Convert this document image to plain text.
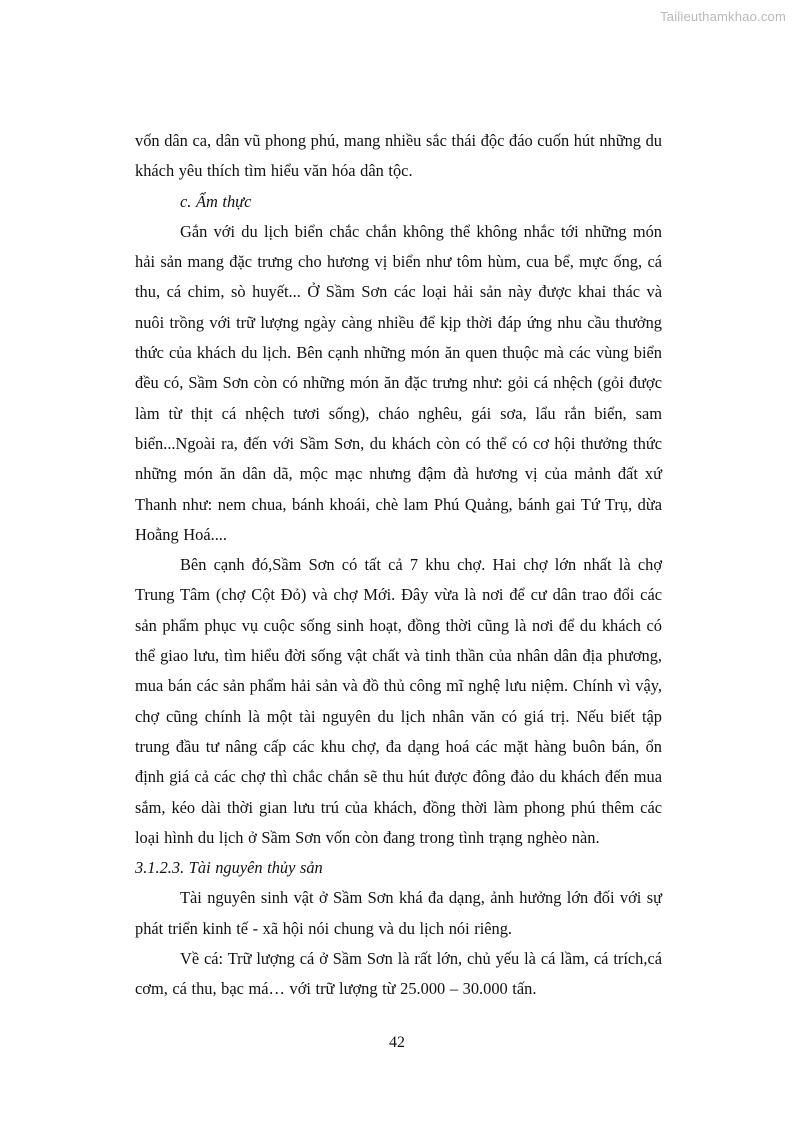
Tailieuthamkhao.com

vốn dân ca, dân vũ phong phú, mang nhiều sắc thái độc đáo cuốn hút những du khách yêu thích tìm hiểu văn hóa dân tộc.

c. Ẩm thực

Gắn với du lịch biển chắc chắn không thể không nhắc tới những món hải sản mang đặc trưng cho hương vị biển như tôm hùm, cua bể, mực ống, cá thu, cá chim, sò huyết... Ở Sầm Sơn các loại hải sản này được khai thác và nuôi trồng với trữ lượng ngày càng nhiều để kịp thời đáp ứng nhu cầu thưởng thức của khách du lịch. Bên cạnh những món ăn quen thuộc mà các vùng biển đều có, Sầm Sơn còn có những món ăn đặc trưng như: gỏi cá nhệch (gỏi được làm từ thịt cá nhệch tươi sống), cháo nghêu, gái sơa, lẩu rắn biển, sam biển...Ngoài ra, đến với Sầm Sơn, du khách còn có thể có cơ hội thưởng thức những món ăn dân dã, mộc mạc nhưng đậm đà hương vị của mảnh đất xứ Thanh như: nem chua, bánh khoái, chè lam Phú Quảng, bánh gai Tứ Trụ, dừa Hoằng Hoá....

Bên cạnh đó,Sầm Sơn có tất cả 7 khu chợ. Hai chợ lớn nhất là chợ Trung Tâm (chợ Cột Đỏ) và chợ Mới. Đây vừa là nơi để cư dân trao đổi các sản phẩm phục vụ cuộc sống sinh hoạt, đồng thời cũng là nơi để du khách có thể giao lưu, tìm hiểu đời sống vật chất và tinh thần của nhân dân địa phương, mua bán các sản phẩm hải sản và đồ thủ công mĩ nghệ lưu niệm. Chính vì vậy, chợ cũng chính là một tài nguyên du lịch nhân văn có giá trị. Nếu biết tập trung đầu tư nâng cấp các khu chợ, đa dạng hoá các mặt hàng buôn bán, ổn định giá cả các chợ thì chắc chắn sẽ thu hút được đông đảo du khách đến mua sắm, kéo dài thời gian lưu trú của khách, đồng thời làm phong phú thêm các loại hình du lịch ở Sầm Sơn vốn còn đang trong tình trạng nghèo nàn.

3.1.2.3. Tài nguyên thủy sản

Tài nguyên sinh vật ở Sầm Sơn khá đa dạng, ảnh hưởng lớn đối với sự phát triển kinh tế - xã hội nói chung và du lịch nói riêng.

Về cá: Trữ lượng cá ở Sầm Sơn là rất lớn, chủ yếu là cá lầm, cá trích,cá cơm, cá thu, bạc má… với trữ lượng từ 25.000 – 30.000 tấn.

42
